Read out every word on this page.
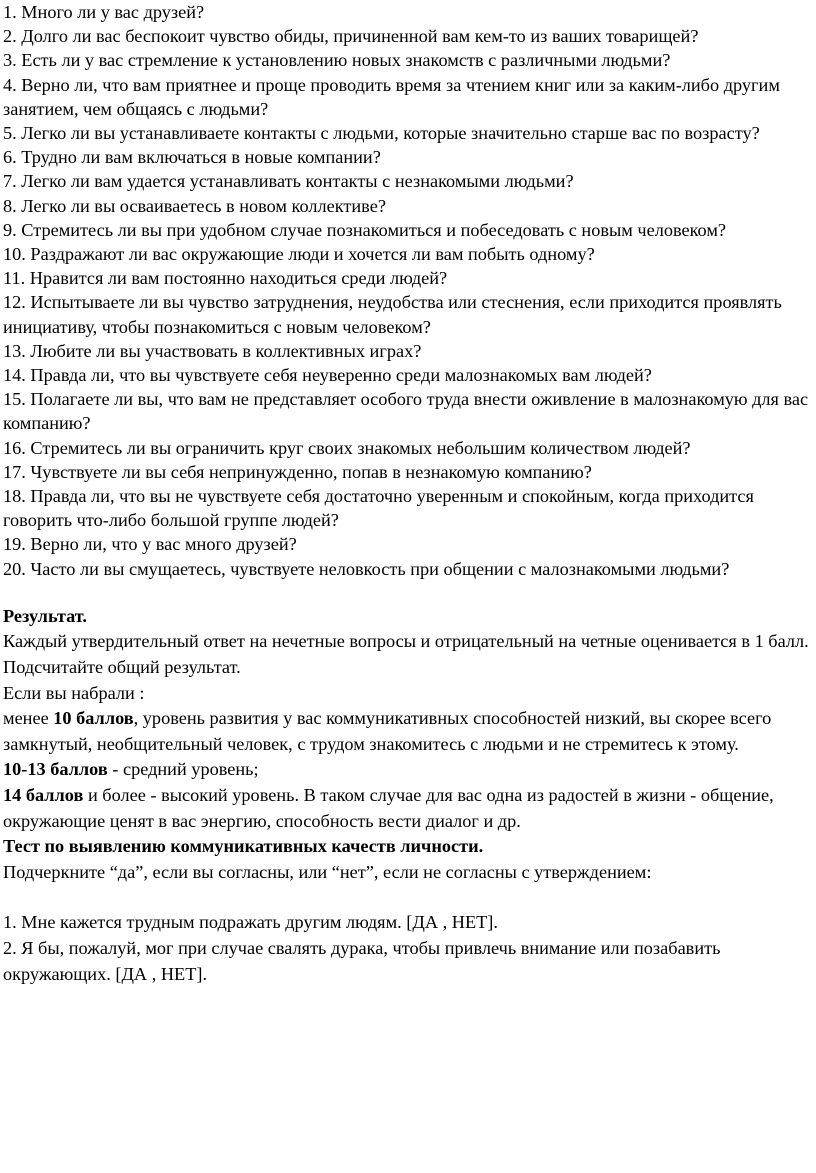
1. Много ли у вас друзей?

2. Долго ли вас беспокоит чувство обиды, причиненной вам кем-то из ваших товарищей?

3. Есть ли у вас стремление к установлению новых знакомств с различными людьми?

4. Верно ли, что вам приятнее и проще проводить время за чтением книг или за каким-либо другим занятием, чем общаясь с людьми?

5. Легко ли вы устанавливаете контакты с людьми, которые значительно старше вас по возрасту?

6. Трудно ли вам включаться в новые компании?

7. Легко ли вам удается устанавливать контакты с незнакомыми людьми?

8. Легко ли вы осваиваетесь в новом коллективе?

9. Стремитесь ли вы при удобном случае познакомиться и побеседовать с новым человеком?

10. Раздражают ли вас окружающие люди и хочется ли вам побыть одному?

11. Нравится ли вам постоянно находиться среди людей?

12. Испытываете ли вы чувство затруднения, неудобства или стеснения, если приходится проявлять инициативу, чтобы познакомиться с новым человеком?

13. Любите ли вы участвовать в коллективных играх?

14. Правда ли, что вы чувствуете себя неуверенно среди малознакомых вам людей?

15. Полагаете ли вы, что вам не представляет особого труда внести оживление в малознакомую для вас компанию?

16. Стремитесь ли вы ограничить круг своих знакомых небольшим количеством людей?

17. Чувствуете ли вы себя непринужденно, попав в незнакомую компанию?

18. Правда ли, что вы не чувствуете себя достаточно уверенным и спокойным, когда приходится говорить что-либо большой группе людей?

19. Верно ли, что у вас много друзей?

20. Часто ли вы смущаетесь, чувствуете неловкость при общении с малознакомыми людьми?

Результат.

Каждый утвердительный ответ на нечетные вопросы и отрицательный на четные оценивается в 1 балл. Подсчитайте общий результат.

Если вы набрали :

менее 10 баллов, уровень развития у вас коммуникативных способностей низкий, вы скорее всего замкнутый, необщительный человек, с трудом знакомитесь с людьми и не стремитесь к этому.

10-13 баллов - средний уровень;

14 баллов и более - высокий уровень. В таком случае для вас одна из радостей в жизни - общение, окружающие ценят в вас энергию, способность вести диалог и др.

Тест по выявлению коммуникативных качеств личности.

Подчеркните “да”, если вы согласны, или “нет”, если не согласны с утверждением:

1. Мне кажется трудным подражать другим людям. [ДА , НЕТ].

2. Я бы, пожалуй, мог при случае свалять дурака, чтобы привлечь внимание или позабавить окружающих. [ДА , НЕТ].
